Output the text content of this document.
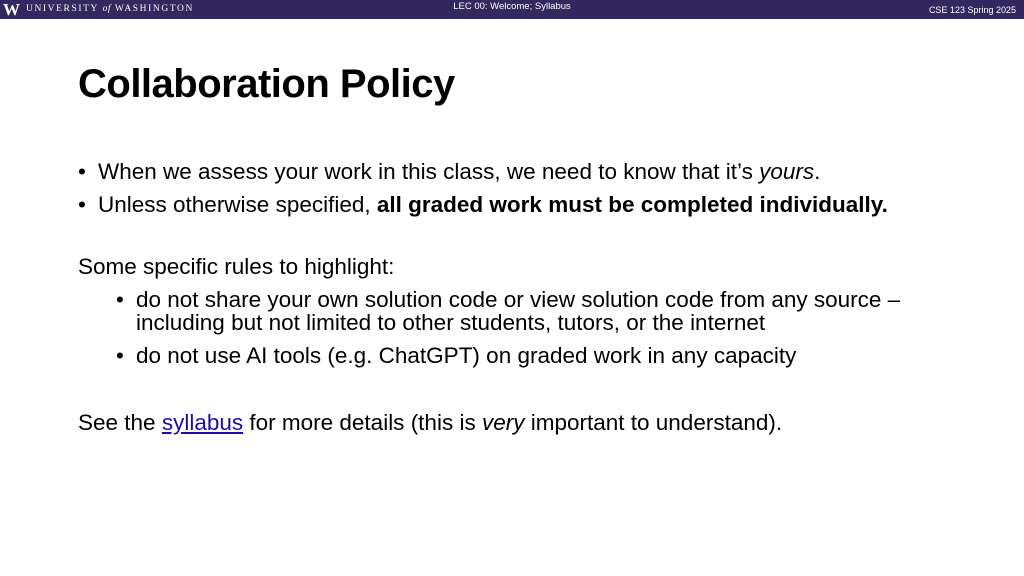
W UNIVERSITY of WASHINGTON	LEC 00: Welcome; Syllabus	CSE 123 Spring 2025
Collaboration Policy
• When we assess your work in this class, we need to know that it’s yours.
• Unless otherwise specified, all graded work must be completed individually.

Some specific rules to highlight:

• do not share your own solution code or view solution code from any source – including but not limited to other students, tutors, or the internet
• do not use AI tools (e.g. ChatGPT) on graded work in any capacity

See the syllabus for more details (this is very important to understand).
